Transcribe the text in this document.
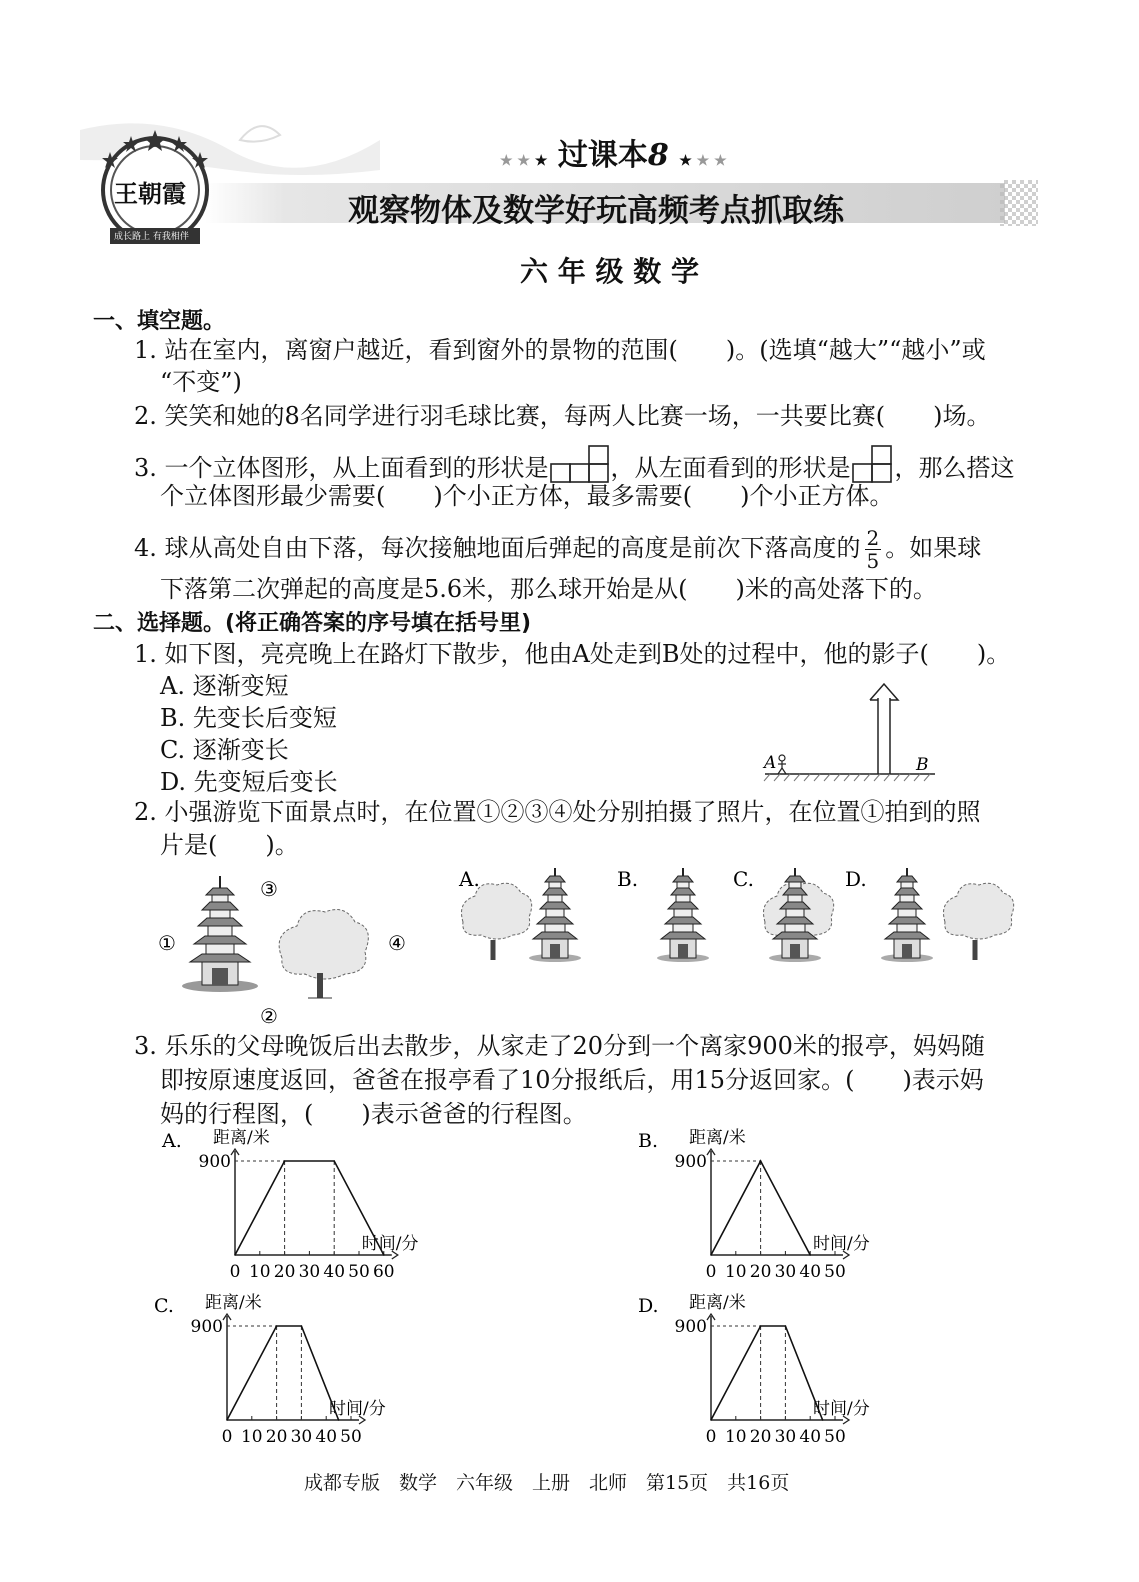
王朝霞
成长路上 有我相伴
★ ★ ★ 过课本8 ★ ★ ★
观察物体及数学好玩高频考点抓取练
六 年 级 数 学
一、填空题。
1. 站在室内，离窗户越近，看到窗外的景物的范围(　　)。(选填“越大”“越小”或
“不变”)
2. 笑笑和她的8名同学进行羽毛球比赛，每两人比赛一场，一共要比赛(　　)场。
3. 一个立体图形，从上面看到的形状是	，从左面看到的形状是 ，那么搭这
个立体图形最少需要(　　)个小正方体，最多需要(　　)个小正方体。
4. 球从高处自由下落，每次接触地面后弹起的高度是前次下落高度的 $\frac{2}{5}$ 。如果球
下落第二次弹起的高度是5.6米，那么球开始是从(　　)米的高处落下的。
二、选择题。(将正确答案的序号填在括号里)
1. 如下图，亮亮晚上在路灯下散步，他由A处走到B处的过程中，他的影子(　　)。
A. 逐渐变短
B. 先变长后变短
C. 逐渐变长
D. 先变短后变长
A	B
2. 小强游览下面景点时，在位置①②③④处分别拍摄了照片，在位置①拍到的照
片是(　　)。
①
②
③
④
A.	B.	C.	D.
3. 乐乐的父母晚饭后出去散步，从家走了20分到一个离家900米的报亭，妈妈随
即按原速度返回，爸爸在报亭看了10分报纸后，用15分返回家。(　　)表示妈
妈的行程图，(　　)表示爸爸的行程图。
A. 距离/米
时间/分
0 10 20 30 40 50 60
900
B. 距离/米
时间/分
0 10 20 30 40 50
900
C. 距离/米
时间/分
0 10 20 30 40 50
900
D. 距离/米
时间/分
0 10 20 30 40 50
900
成都专版　数学　六年级　上册　北师　第15页　共16页
